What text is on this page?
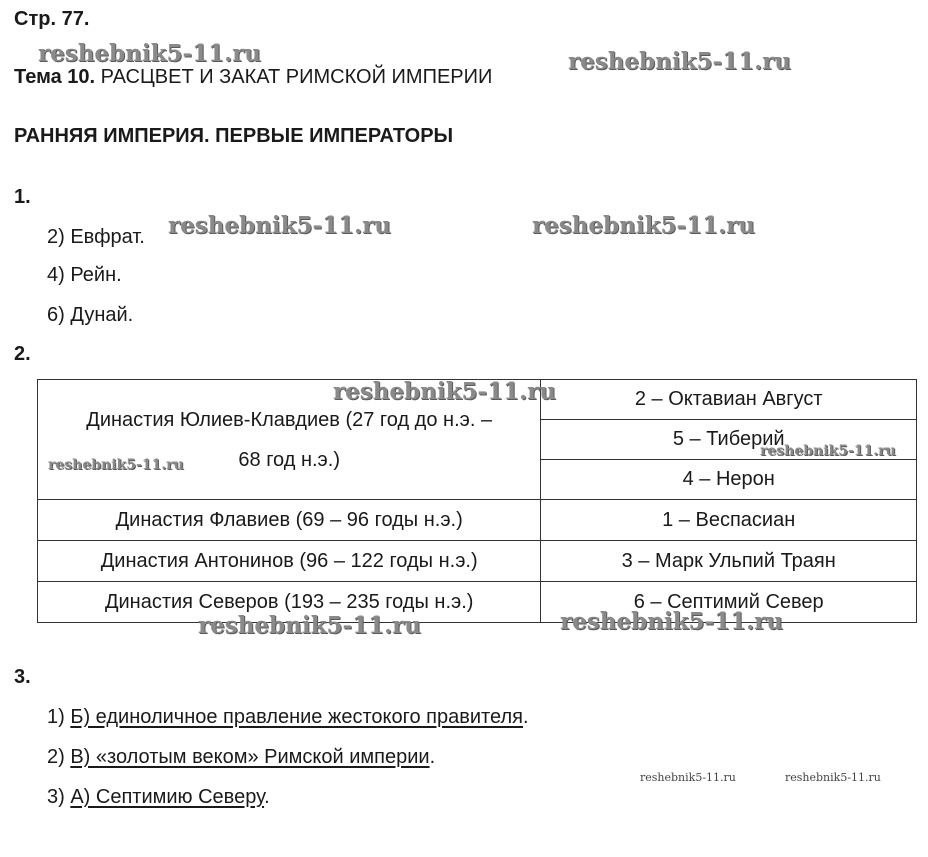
Стр. 77.
Тема 10. РАСЦВЕТ И ЗАКАТ РИМСКОЙ ИМПЕРИИ
РАННЯЯ ИМПЕРИЯ. ПЕРВЫЕ ИМПЕРАТОРЫ
1.
2) Евфрат.
4) Рейн.
6) Дунай.
2.
Династия Юлиев-Клавдиев (27 год до н.э. –
68 год н.э.)	2 – Октавиан Август
	5 – Тиберий
	4 – Нерон
Династия Флавиев (69 – 96 годы н.э.)	1 – Веспасиан
Династия Антонинов (96 – 122 годы н.э.)	3 – Марк Ульпий Траян
Династия Северов (193 – 235 годы н.э.)	6 – Септимий Север
3.
1) Б) единоличное правление жестокого правителя.
2) В) «золотым веком» Римской империи.
3) А) Септимию Северу.
reshebnik5-11.ru	reshebnik5-11.ru
reshebnik5-11.ru	reshebnik5-11.ru
reshebnik5-11.ru
reshebnik5-11.ru
reshebnik5-11.ru
reshebnik5-11.ru	reshebnik5-11.ru
reshebnik5-11.ru	reshebnik5-11.ru
